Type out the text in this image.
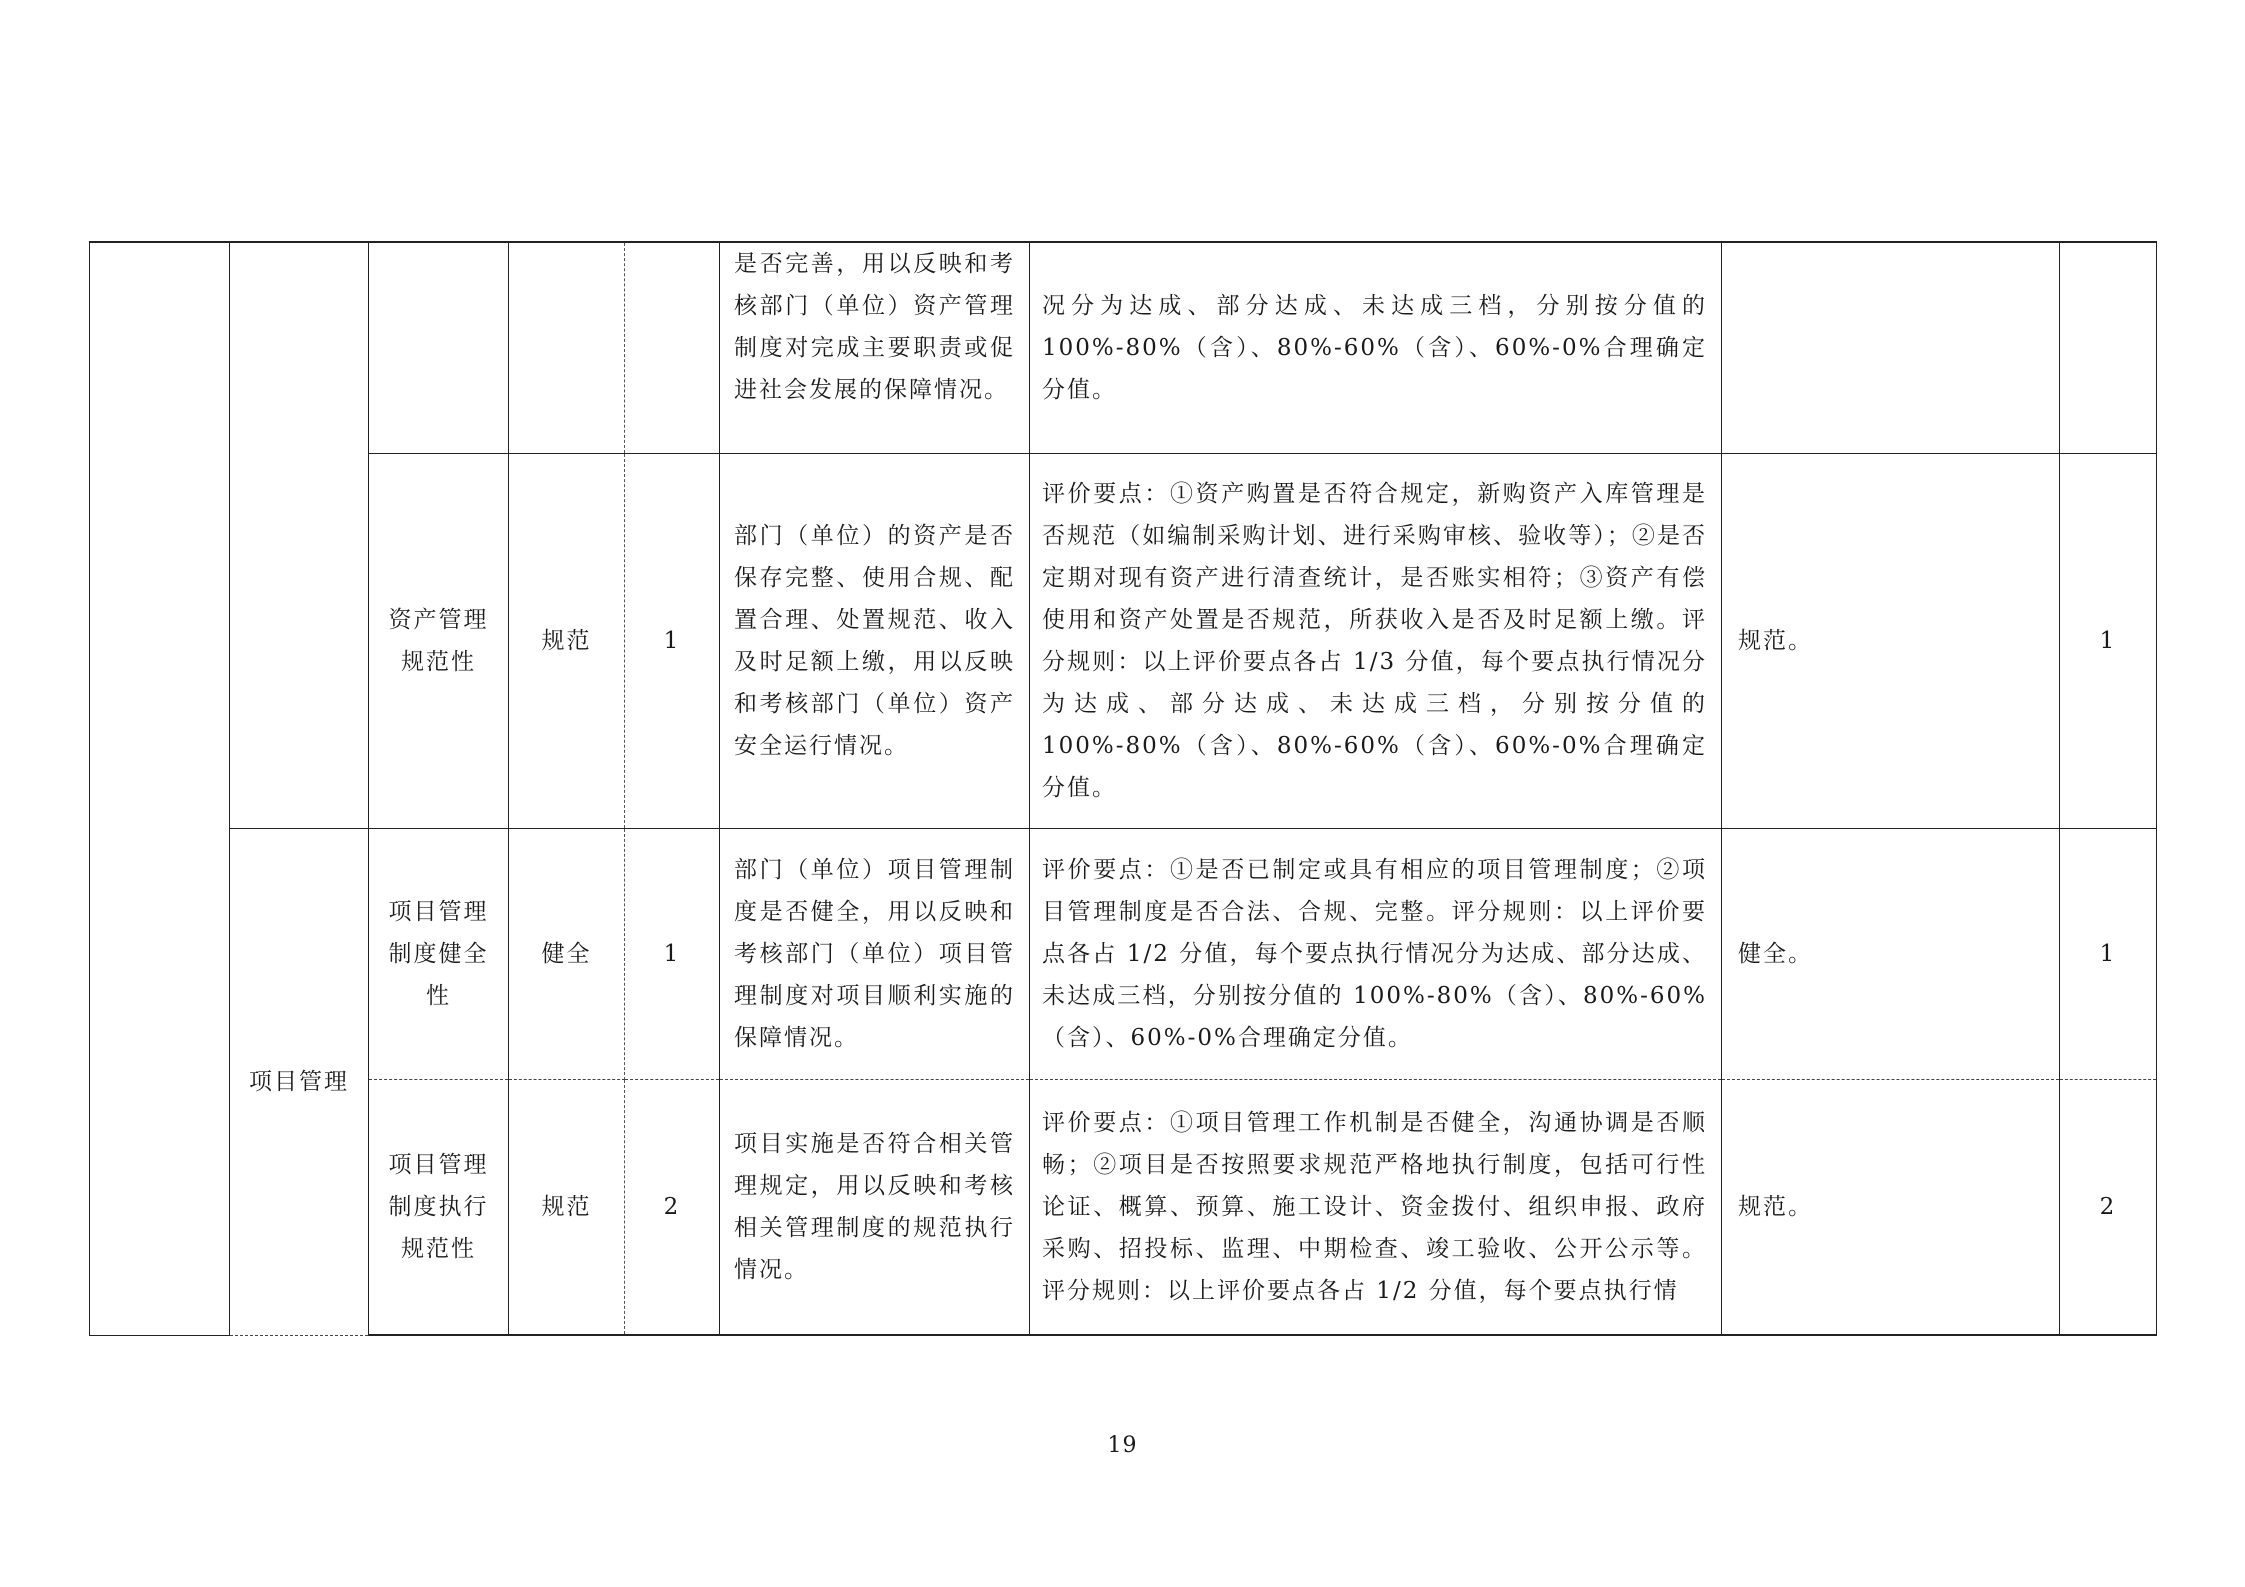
					是否完善，用以反映和考核部门（单位）资产管理制度对完成主要职责或促进社会发展的保障情况。	况分为达成、部分达成、未达成三档，分别按分值的 100%-80%（含）、80%-60%（含）、60%-0%合理确定分值。		
		资产管理规范性	规范	1	部门（单位）的资产是否保存完整、使用合规、配置合理、处置规范、收入及时足额上缴，用以反映和考核部门（单位）资产安全运行情况。	评价要点：①资产购置是否符合规定，新购资产入库管理是否规范（如编制采购计划、进行采购审核、验收等）；②是否定期对现有资产进行清查统计，是否账实相符；③资产有偿使用和资产处置是否规范，所获收入是否及时足额上缴。评分规则：以上评价要点各占 1/3 分值，每个要点执行情况分为达成、部分达成、未达成三档，分别按分值的 100%-80%（含）、80%-60%（含）、60%-0%合理确定分值。	规范。	1
	项目管理	项目管理制度健全性	健全	1	部门（单位）项目管理制度是否健全，用以反映和考核部门（单位）项目管理制度对项目顺利实施的保障情况。	评价要点：①是否已制定或具有相应的项目管理制度；②项目管理制度是否合法、合规、完整。评分规则：以上评价要点各占 1/2 分值，每个要点执行情况分为达成、部分达成、未达成三档，分别按分值的 100%-80%（含）、80%-60%（含）、60%-0%合理确定分值。	健全。	1
		项目管理制度执行规范性	规范	2	项目实施是否符合相关管理规定，用以反映和考核相关管理制度的规范执行情况。	评价要点：①项目管理工作机制是否健全，沟通协调是否顺畅；②项目是否按照要求规范严格地执行制度，包括可行性论证、概算、预算、施工设计、资金拨付、组织申报、政府采购、招投标、监理、中期检查、竣工验收、公开公示等。评分规则：以上评价要点各占 1/2 分值，每个要点执行情	规范。	2
19
